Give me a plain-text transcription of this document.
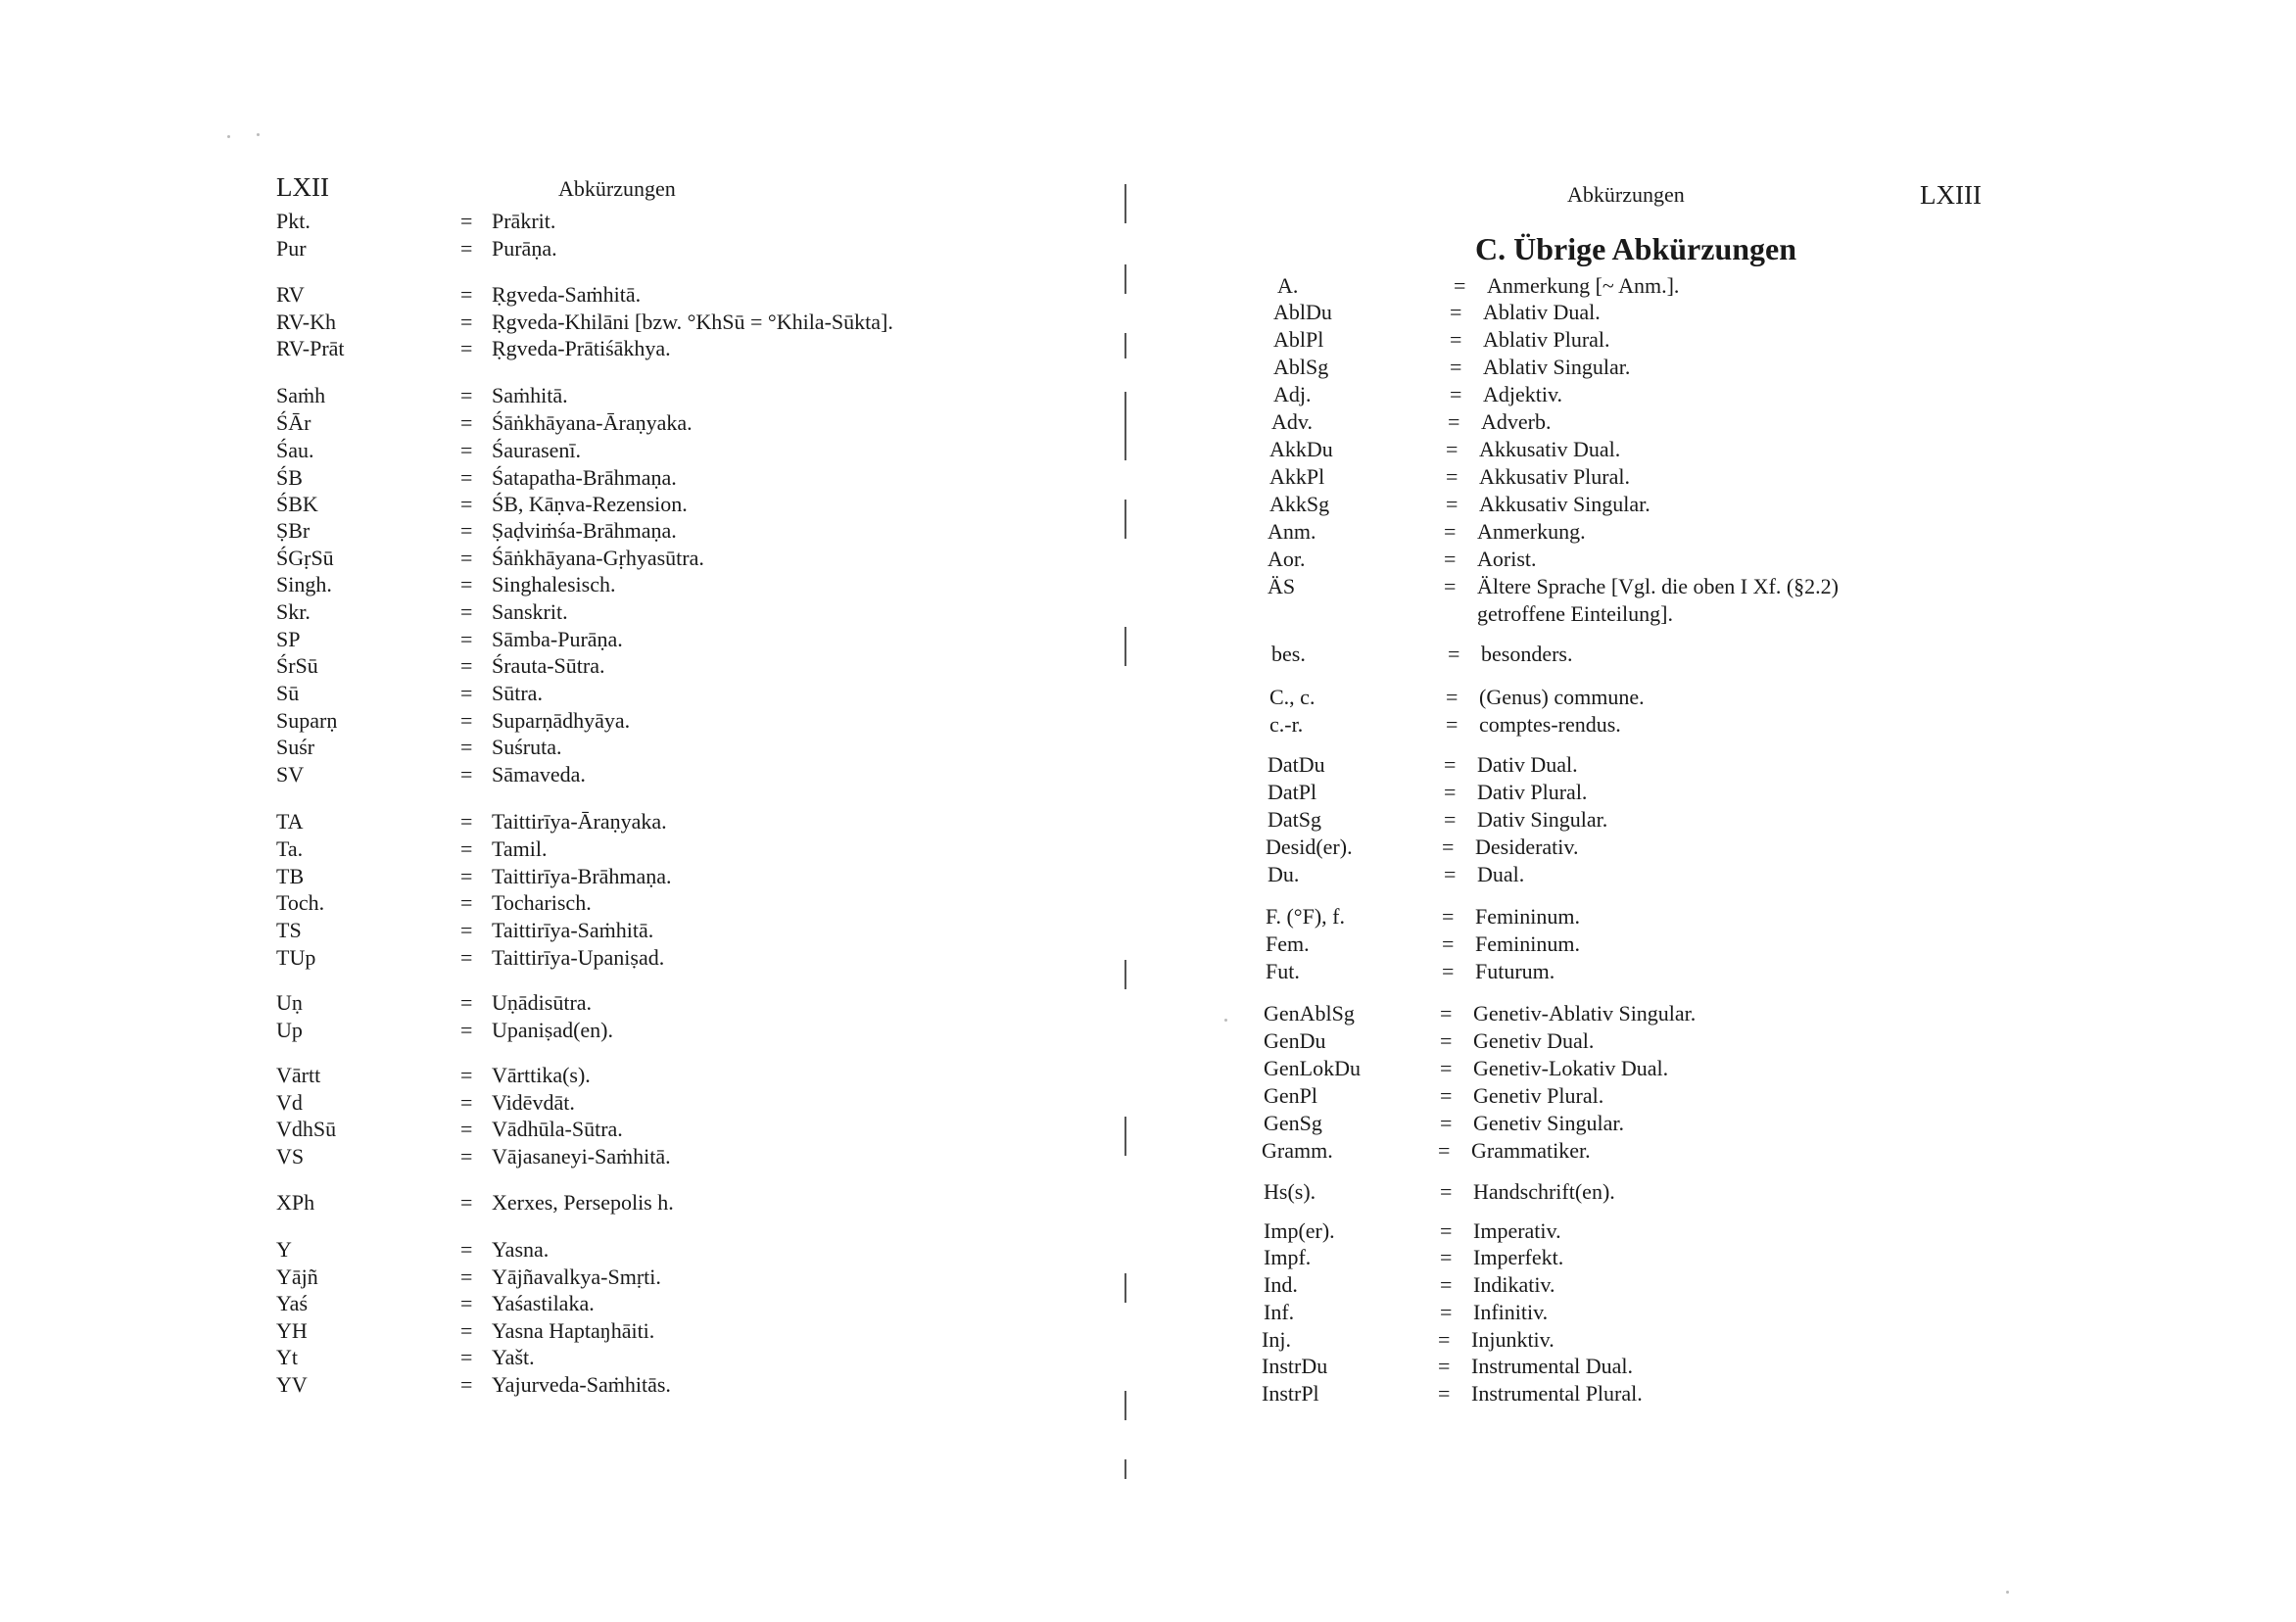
LXII	Abkürzungen
Pkt.	= Prākrit.
Pur	= Purāṇa.
RV	= Ṛgveda-Saṁhitā.
RV-Kh	= Ṛgveda-Khilāni [bzw. °KhSū = °Khila-Sūkta].
RV-Prāt	= Ṛgveda-Prātiśākhya.
Saṁh	= Saṁhitā.
ŚĀr	= Śāṅkhāyana-Āraṇyaka.
Śau.	= Śaurasenī.
ŚB	= Śatapatha-Brāhmaṇa.
ŚBK	= ŚB, Kāṇva-Rezension.
ṢBr	= Ṣaḍviṁśa-Brāhmaṇa.
ŚGṛSū	= Śāṅkhāyana-Gṛhyasūtra.
Singh.	= Singhalesisch.
Skr.	= Sanskrit.
SP	= Sāmba-Purāṇa.
ŚrSū	= Śrauta-Sūtra.
Sū	= Sūtra.
Suparṇ	= Suparṇādhyāya.
Suśr	= Suśruta.
SV	= Sāmaveda.
TA	= Taittirīya-Āraṇyaka.
Ta.	= Tamil.
TB	= Taittirīya-Brāhmaṇa.
Toch.	= Tocharisch.
TS	= Taittirīya-Saṁhitā.
TUp	= Taittirīya-Upaniṣad.
Uṇ	= Uṇādisūtra.
Up	= Upaniṣad(en).
Vārtt	= Vārttika(s).
Vd	= Vidēvdāt.
VdhSū	= Vādhūla-Sūtra.
VS	= Vājasaneyi-Saṁhitā.
XPh	= Xerxes, Persepolis h.
Y	= Yasna.
Yājñ	= Yājñavalkya-Smṛti.
Yaś	= Yaśastilaka.
YH	= Yasna Haptaŋhāiti.
Yt	= Yašt.
YV	= Yajurveda-Saṁhitās.
Abkürzungen	LXIII
C. Übrige Abkürzungen
A.	= Anmerkung [~ Anm.].
AblDu	= Ablativ Dual.
AblPl	= Ablativ Plural.
AblSg	= Ablativ Singular.
Adj.	= Adjektiv.
Adv.	= Adverb.
AkkDu	= Akkusativ Dual.
AkkPl	= Akkusativ Plural.
AkkSg	= Akkusativ Singular.
Anm.	= Anmerkung.
Aor.	= Aorist.
ÄS	= Ältere Sprache [Vgl. die oben I Xf. (§2.2)
getroffene Einteilung].
bes.	= besonders.
C., c.	= (Genus) commune.
c.-r.	= comptes-rendus.
DatDu	= Dativ Dual.
DatPl	= Dativ Plural.
DatSg	= Dativ Singular.
Desid(er).	= Desiderativ.
Du.	= Dual.
F. (°F), f.	= Femininum.
Fem.	= Femininum.
Fut.	= Futurum.
GenAblSg	= Genetiv-Ablativ Singular.
GenDu	= Genetiv Dual.
GenLokDu	= Genetiv-Lokativ Dual.
GenPl	= Genetiv Plural.
GenSg	= Genetiv Singular.
Gramm.	= Grammatiker.
Hs(s).	= Handschrift(en).
Imp(er).	= Imperativ.
Impf.	= Imperfekt.
Ind.	= Indikativ.
Inf.	= Infinitiv.
Inj.	= Injunktiv.
InstrDu	= Instrumental Dual.
InstrPl	= Instrumental Plural.
